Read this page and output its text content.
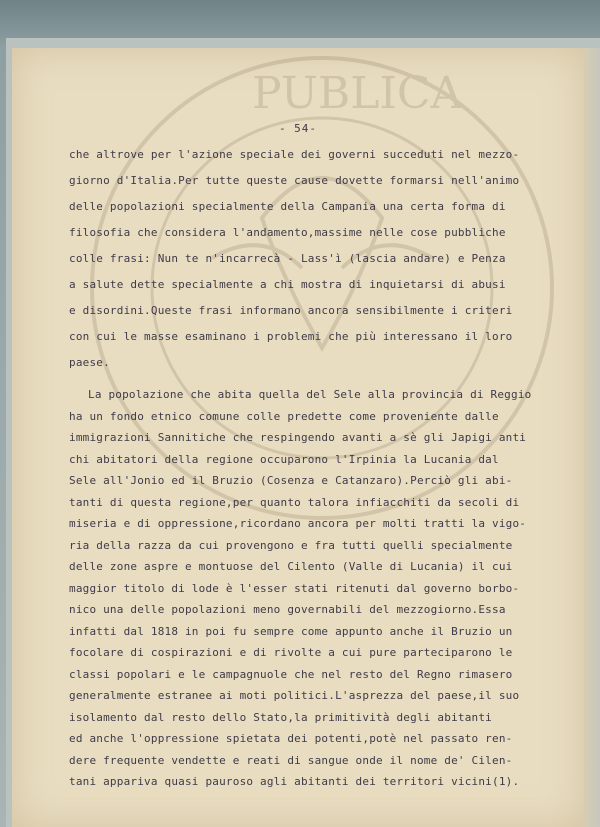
PUBLICA
- 54-
che altrove per l'azione speciale dei governi succeduti nel mezzo-
giorno d'Italia.Per tutte queste cause dovette formarsi nell'animo
delle popolazioni specialmente della Campania una certa forma di
filosofia che considera l'andamento,massime nelle cose pubbliche
colle frasi: Nun te n'incarrecà - Lass'ì (lascia andare) e Penza
a salute dette specialmente a chi mostra di inquietarsi di abusi
e disordini.Queste frasi informano ancora sensibilmente i criteri
con cui le masse esaminano i problemi che più interessano il loro
paese.
La popolazione che abita quella del Sele alla provincia di Reggio
ha un fondo etnico comune colle predette come proveniente dalle
immigrazioni Sannitiche che respingendo avanti a sè gli Japigi anti
chi abitatori della regione occuparono l'Irpinia la Lucania dal
Sele all'Jonio ed il Bruzio (Cosenza e Catanzaro).Perciò gli abi-
tanti di questa regione,per quanto talora infiacchiti da secoli di
miseria e di oppressione,ricordano ancora per molti tratti la vigo-
ria della razza da cui provengono e fra tutti quelli specialmente
delle zone aspre e montuose del Cilento (Valle di Lucania) il cui
maggior titolo di lode è l'esser stati ritenuti dal governo borbo-
nico una delle popolazioni meno governabili del mezzogiorno.Essa
infatti dal 1818 in poi fu sempre come appunto anche il Bruzio un
focolare di cospirazioni e di rivolte a cui pure parteciparono le
classi popolari e le campagnuole che nel resto del Regno rimasero
generalmente estranee ai moti politici.L'asprezza del paese,il suo
isolamento dal resto dello Stato,la primitività degli abitanti
ed anche l'oppressione spietata dei potenti,potè nel passato ren-
dere frequente vendette e reati di sangue onde il nome de' Cilen-
tani appariva quasi pauroso agli abitanti dei territori vicini(1).
